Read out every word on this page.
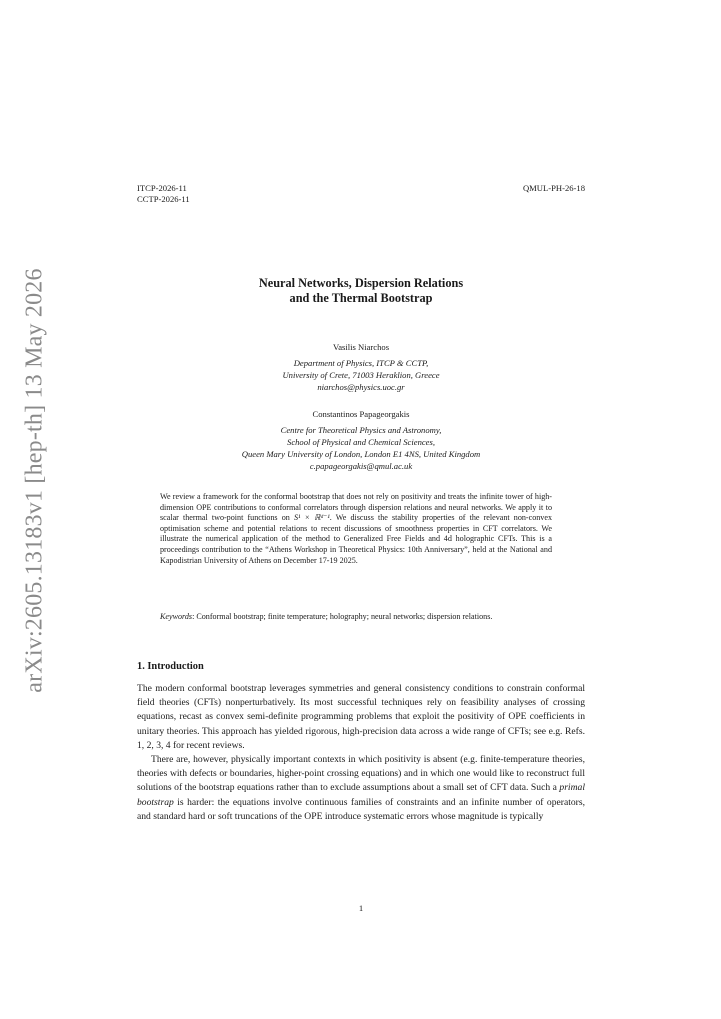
arXiv:2605.13183v1 [hep-th] 13 May 2026
ITCP-2026-11
CCTP-2026-11
QMUL-PH-26-18
Neural Networks, Dispersion Relations
and the Thermal Bootstrap
Vasilis Niarchos
Department of Physics, ITCP & CCTP,
University of Crete, 71003 Heraklion, Greece
niarchos@physics.uoc.gr
Constantinos Papageorgakis
Centre for Theoretical Physics and Astronomy,
School of Physical and Chemical Sciences,
Queen Mary University of London, London E1 4NS, United Kingdom
c.papageorgakis@qmul.ac.uk
We review a framework for the conformal bootstrap that does not rely on positivity and treats the infinite tower of high-dimension OPE contributions to conformal correlators through dispersion relations and neural networks. We apply it to scalar thermal two-point functions on S¹ × ℝᵈ⁻¹. We discuss the stability properties of the relevant non-convex optimisation scheme and potential relations to recent discussions of smoothness properties in CFT correlators. We illustrate the numerical application of the method to Generalized Free Fields and 4d holographic CFTs. This is a proceedings contribution to the “Athens Workshop in Theoretical Physics: 10th Anniversary”, held at the National and Kapodistrian University of Athens on December 17-19 2025.
Keywords: Conformal bootstrap; finite temperature; holography; neural networks; dispersion relations.
1. Introduction

The modern conformal bootstrap leverages symmetries and general consistency conditions to constrain conformal field theories (CFTs) nonperturbatively. Its most successful techniques rely on feasibility analyses of crossing equations, recast as convex semi-definite programming problems that exploit the positivity of OPE coefficients in unitary theories. This approach has yielded rigorous, high-precision data across a wide range of CFTs; see e.g. Refs. 1, 2, 3, 4 for recent reviews.

There are, however, physically important contexts in which positivity is absent (e.g. finite-temperature theories, theories with defects or boundaries, higher-point crossing equations) and in which one would like to reconstruct full solutions of the bootstrap equations rather than to exclude assumptions about a small set of CFT data. Such a primal bootstrap is harder: the equations involve continuous families of constraints and an infinite number of operators, and standard hard or soft truncations of the OPE introduce systematic errors whose magnitude is typically

1
